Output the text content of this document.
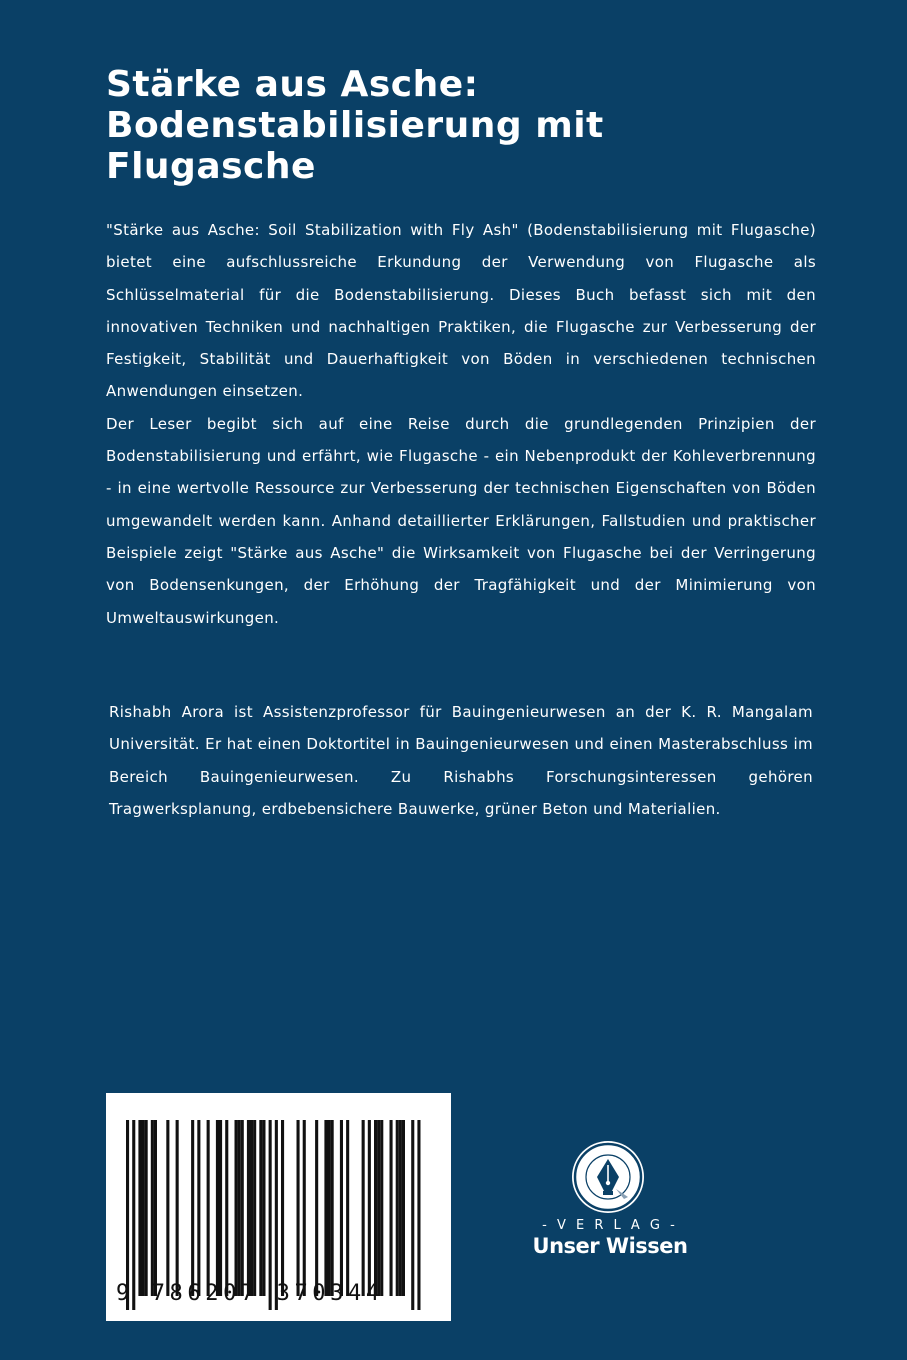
Stärke aus Asche:
Bodenstabilisierung mit
Flugasche

"Stärke aus Asche: Soil Stabilization with Fly Ash" (Bodenstabilisierung mit Flugasche) bietet eine aufschlussreiche Erkundung der Verwendung von Flugasche als Schlüsselmaterial für die Bodenstabilisierung. Dieses Buch befasst sich mit den innovativen Techniken und nachhaltigen Praktiken, die Flugasche zur Verbesserung der Festigkeit, Stabilität und Dauerhaftigkeit von Böden in verschiedenen technischen Anwendungen einsetzen.

Der Leser begibt sich auf eine Reise durch die grundlegenden Prinzipien der Bodenstabilisierung und erfährt, wie Flugasche - ein Nebenprodukt der Kohleverbrennung - in eine wertvolle Ressource zur Verbesserung der technischen Eigenschaften von Böden umgewandelt werden kann. Anhand detaillierter Erklärungen, Fallstudien und praktischer Beispiele zeigt "Stärke aus Asche" die Wirksamkeit von Flugasche bei der Verringerung von Bodensenkungen, der Erhöhung der Tragfähigkeit und der Minimierung von Umweltauswirkungen.

Rishabh Arora ist Assistenzprofessor für Bauingenieurwesen an der K. R. Mangalam Universität. Er hat einen Doktortitel in Bauingenieurwesen und einen Masterabschluss im Bereich Bauingenieurwesen. Zu Rishabhs Forschungsinteressen gehören Tragwerksplanung, erdbebensichere Bauwerke, grüner Beton und Materialien.

9 786207 370344
- V E R L A G -
Unser Wissen
